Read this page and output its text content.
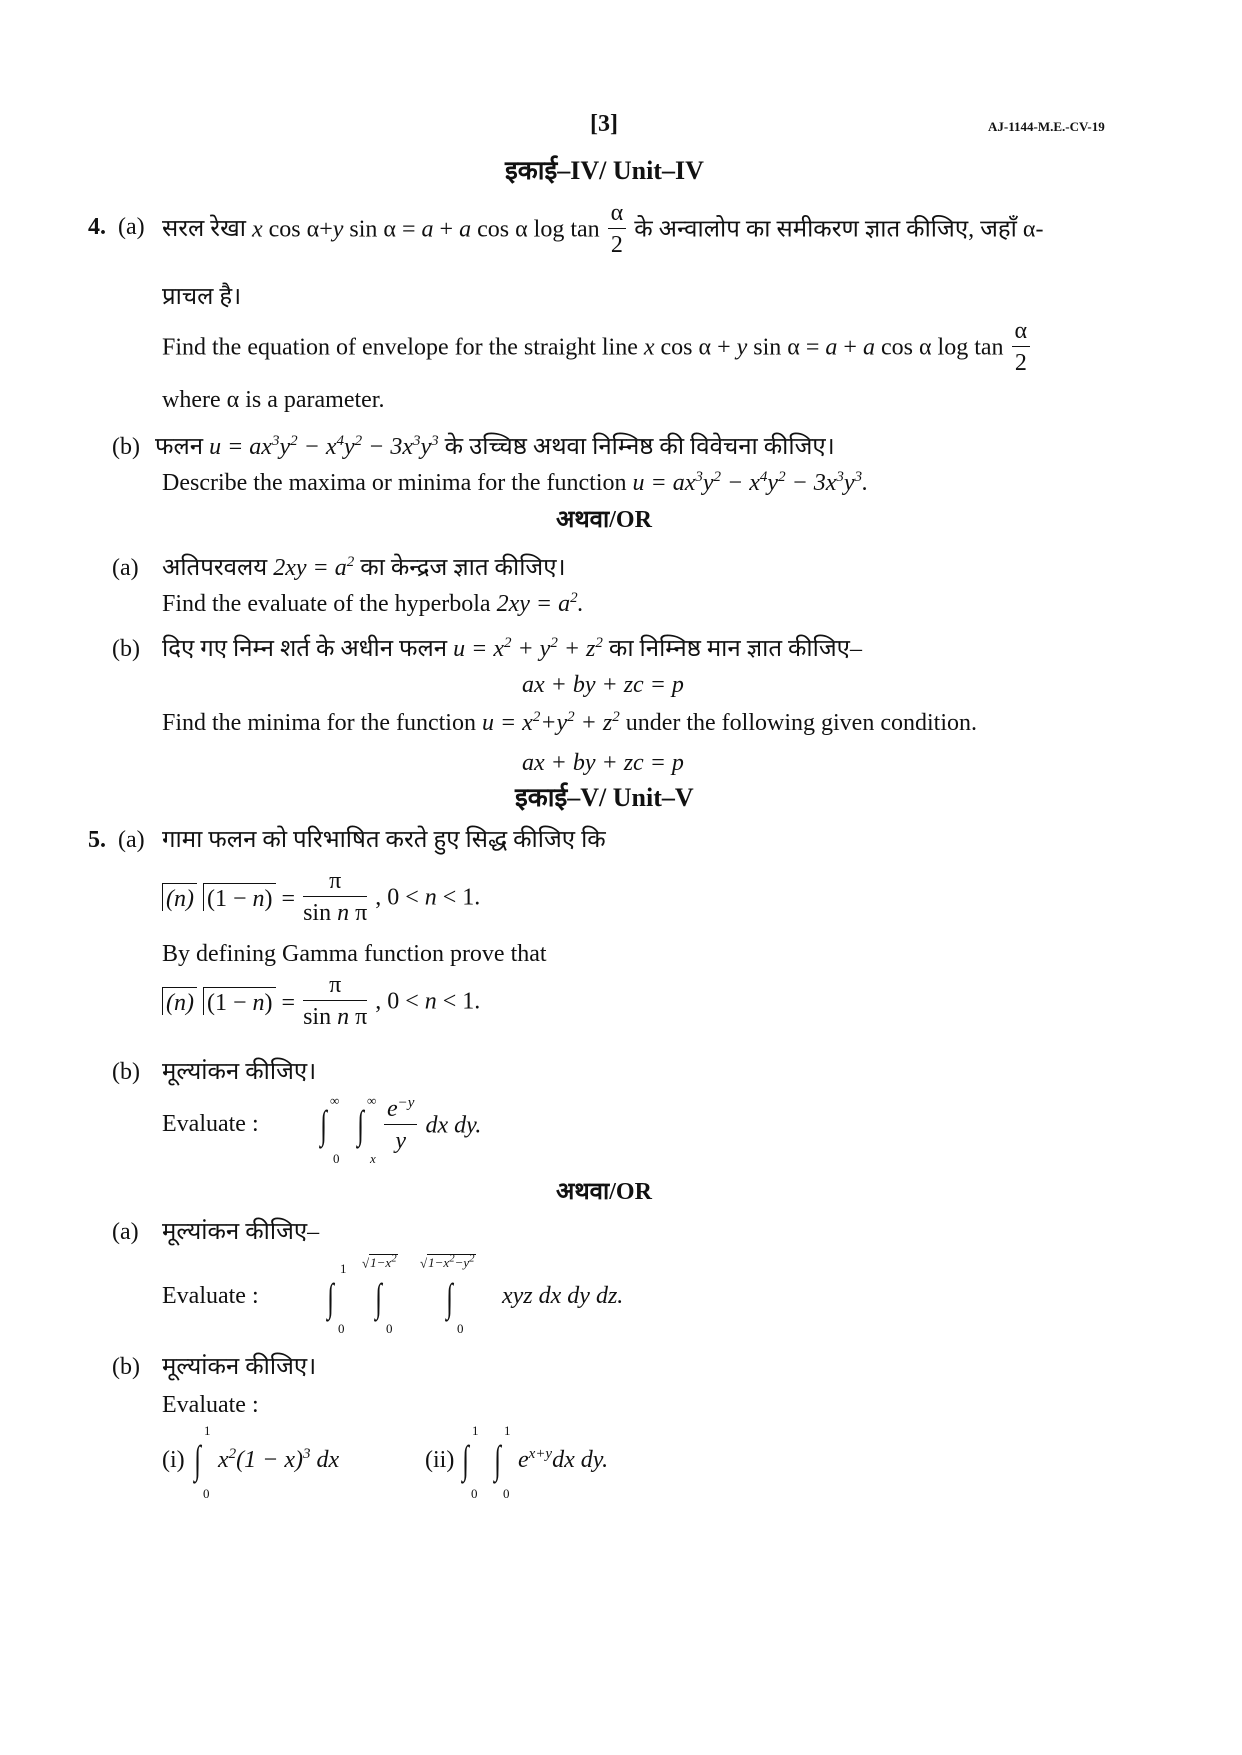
[3]	AJ-1144-M.E.-CV-19
इकाई–IV/ Unit–IV
4. (a) सरल रेखा x cos α+y sin α = a + a cos α $\log \tan \frac{\alpha}{2}$ के अन्वालोप का समीकरण ज्ञात कीजिए, जहाँ α-
प्राचल है।
Find the equation of envelope for the straight line x cos α + y sin α = a + a cos α $\log \tan \frac{\alpha}{2}$
where α is a parameter.
(b) फलन $u = ax^3y^2 - x^4y^2 - 3x^3y^3$ के उच्चिष्ठ अथवा निम्निष्ठ की विवेचना कीजिए।
Describe the maxima or minima for the function $u = ax^3y^2 - x^4y^2 - 3x^3y^3$.
अथवा/OR
(a) अतिपरवलय $2xy = a^2$ का केन्द्रज ज्ञात कीजिए।
Find the evaluate of the hyperbola $2xy = a^2$.
(b) दिए गए निम्न शर्त के अधीन फलन $u = x^2 + y^2 + z^2$ का निम्निष्ठ मान ज्ञात कीजिए–
ax + by + zc = p
Find the minima for the function $u = x^2+y^2 + z^2$ under the following given condition.
ax + by + zc = p
इकाई–V/ Unit–V
5. (a) गामा फलन को परिभाषित करते हुए सिद्ध कीजिए कि
(n) $(1 - n) = \frac{\pi}{\text{sin n π}}$ , 0 < n < 1.
By defining Gamma function prove that
(n) $(1 - n) = \frac{\pi}{\text{sin n π}}$ , 0 < n < 1.
(b) मूल्यांकन कीजिए।
Evaluate : ∫
∞
0
∫
∞
x
$\frac{e^{-y}}{y}$ dx dy.
अथवा/OR
(a) मूल्यांकन कीजिए–
Evaluate : ∫
1
0
∫
$√1-x^2$
0
∫
$√1-x^2-y^2$
0
xyz dx dy dz.
(b) मूल्यांकन कीजिए।
Evaluate :
(i) ∫
1
0
$x^2(1 - x)^3$ dx	(ii) ∫
1
0
∫
1
0
$e^{x+y}dx$ dy.
